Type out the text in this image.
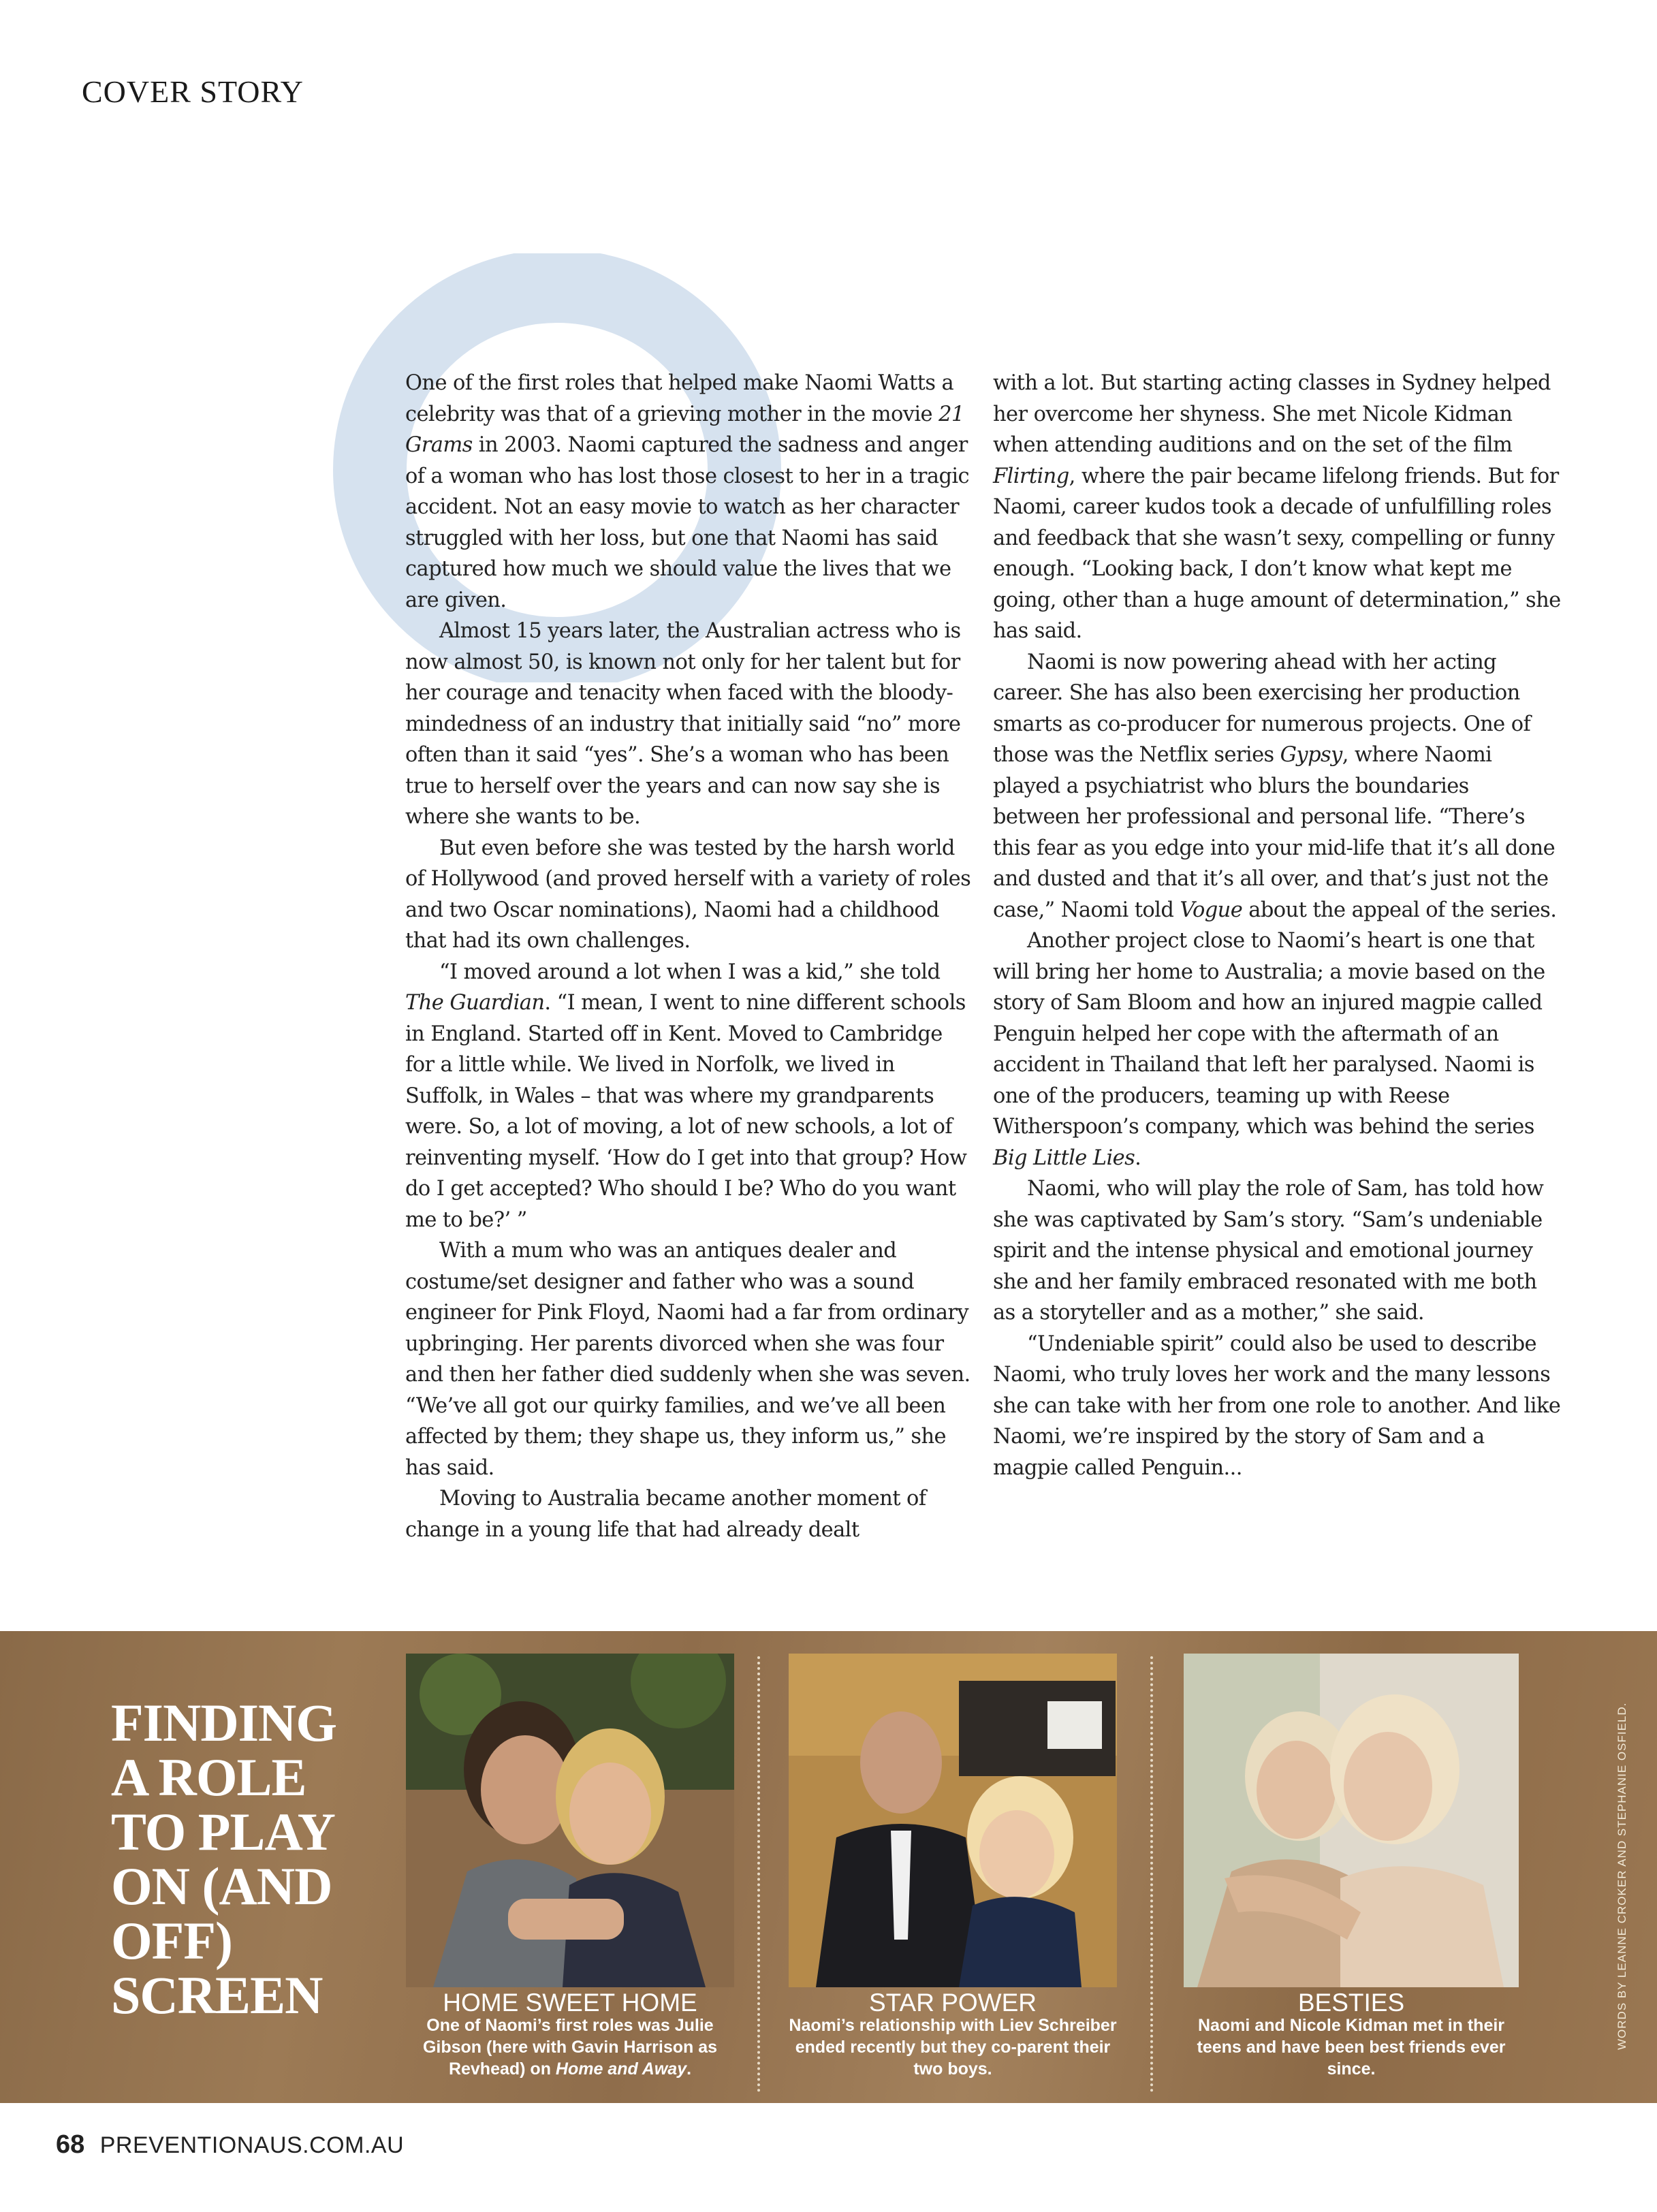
COVER STORY

One of the first roles that helped make Naomi Watts a celebrity was that of a grieving mother in the movie 21 Grams in 2003. Naomi captured the sadness and anger of a woman who has lost those closest to her in a tragic accident. Not an easy movie to watch as her character struggled with her loss, but one that Naomi has said captured how much we should value the lives that we are given.

Almost 15 years later, the Australian actress who is now almost 50, is known not only for her talent but for her courage and tenacity when faced with the bloody-mindedness of an industry that initially said “no” more often than it said “yes”. She’s a woman who has been true to herself over the years and can now say she is where she wants to be.

But even before she was tested by the harsh world of Hollywood (and proved herself with a variety of roles and two Oscar nominations), Naomi had a childhood that had its own challenges.

“I moved around a lot when I was a kid,” she told The Guardian. “I mean, I went to nine different schools in England. Started off in Kent. Moved to Cambridge for a little while. We lived in Norfolk, we lived in Suffolk, in Wales – that was where my grandparents were. So, a lot of moving, a lot of new schools, a lot of reinventing myself. ‘How do I get into that group? How do I get accepted? Who should I be? Who do you want me to be?’ ”

With a mum who was an antiques dealer and costume/set designer and father who was a sound engineer for Pink Floyd, Naomi had a far from ordinary upbringing. Her parents divorced when she was four and then her father died suddenly when she was seven. “We’ve all got our quirky families, and we’ve all been affected by them; they shape us, they inform us,” she has said.

Moving to Australia became another moment of change in a young life that had already dealt

with a lot. But starting acting classes in Sydney helped her overcome her shyness. She met Nicole Kidman when attending auditions and on the set of the film Flirting, where the pair became lifelong friends. But for Naomi, career kudos took a decade of unfulfilling roles and feedback that she wasn’t sexy, compelling or funny enough. “Looking back, I don’t know what kept me going, other than a huge amount of determination,” she has said.

Naomi is now powering ahead with her acting career. She has also been exercising her production smarts as co-producer for numerous projects. One of those was the Netflix series Gypsy, where Naomi played a psychiatrist who blurs the boundaries between her professional and personal life. “There’s this fear as you edge into your mid-life that it’s all done and dusted and that it’s all over, and that’s just not the case,” Naomi told Vogue about the appeal of the series.

Another project close to Naomi’s heart is one that will bring her home to Australia; a movie based on the story of Sam Bloom and how an injured magpie called Penguin helped her cope with the aftermath of an accident in Thailand that left her paralysed. Naomi is one of the producers, teaming up with Reese Witherspoon’s company, which was behind the series Big Little Lies.

Naomi, who will play the role of Sam, has told how she was captivated by Sam’s story. “Sam’s undeniable spirit and the intense physical and emotional journey she and her family embraced resonated with me both as a storyteller and as a mother,” she said.

“Undeniable spirit” could also be used to describe Naomi, who truly loves her work and the many lessons she can take with her from one role to another. And like Naomi, we’re inspired by the story of Sam and a magpie called Penguin...

FINDING A ROLE TO PLAY ON (AND OFF) SCREEN	HOME SWEET HOME
One of Naomi’s first roles was Julie Gibson (here with Gavin Harrison as Revhead) on Home and Away.
STAR POWER
Naomi’s relationship with Liev Schreiber ended recently but they co-parent their two boys.
BESTIES
Naomi and Nicole Kidman met in their teens and have been best friends ever since.
WORDS BY LEANNE CROKER AND STEPHANIE OSFIELD.
68 PREVENTIONAUS.COM.AU
